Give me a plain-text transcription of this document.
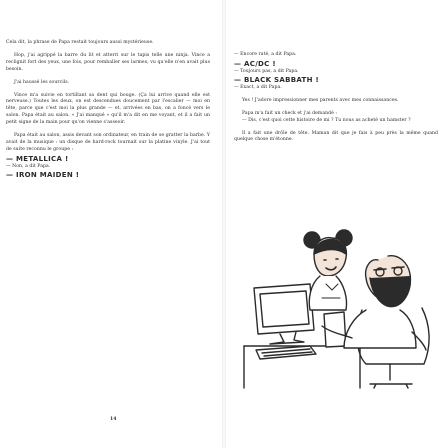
Cela dit, la phrase de Papa restait toujours aussi mystérieuse.

Hop, j'ai agrippé la barre du lit et atterri sur le tapis telle une ninja. Vince a reclignit fort des yeux, une fois, pour remballer ses larmes, vu qu'elle n'en avait plus besoin.

J'ai haussé les sourcils.

Vince m'a suivie en tortillant sa dent qui bouge. (Ça lui arrive quand elle est nerveuse.) Toutes les deux, on est descendues doucement par l'escalier — moi en tête, parce que c'est moi la plus grande — et, arrivées en bas, on a foncé vers le salon. Papa était au salon. « J'ai manqué » qu'il m'a dit en me voyant, et il a fait un petit signe de la main pour qu'on vienne s'asseoir.

Papa était au salon, assis devant son ordinateur, en train de se gratter la barbe. Y avait de la musique : un disque de hard-rock tournait sur la platine vinyle. J'ai tout de suite reconnu le groupe :

— METALLICA !

— Non, a dit Papa.

— IRON MAIDEN !

14

— Encore raté, a dit Papa.

— AC/DC !

— Toujours pas, a dit Papa.

— BLACK SABBATH !

— Exact, a dit Papa.

Yes ! J'adore impressionner mes parents avec mes connaissances.

Papa m'a fait un check et j'ai demandé :

— Dis, c'est quoi cette histoire de mi ? Tu nous as acheté un hamster ?

Il a fait une drôle de tête. Maman dit que je fais à peu près la même quand quelque chose m'étonne.
